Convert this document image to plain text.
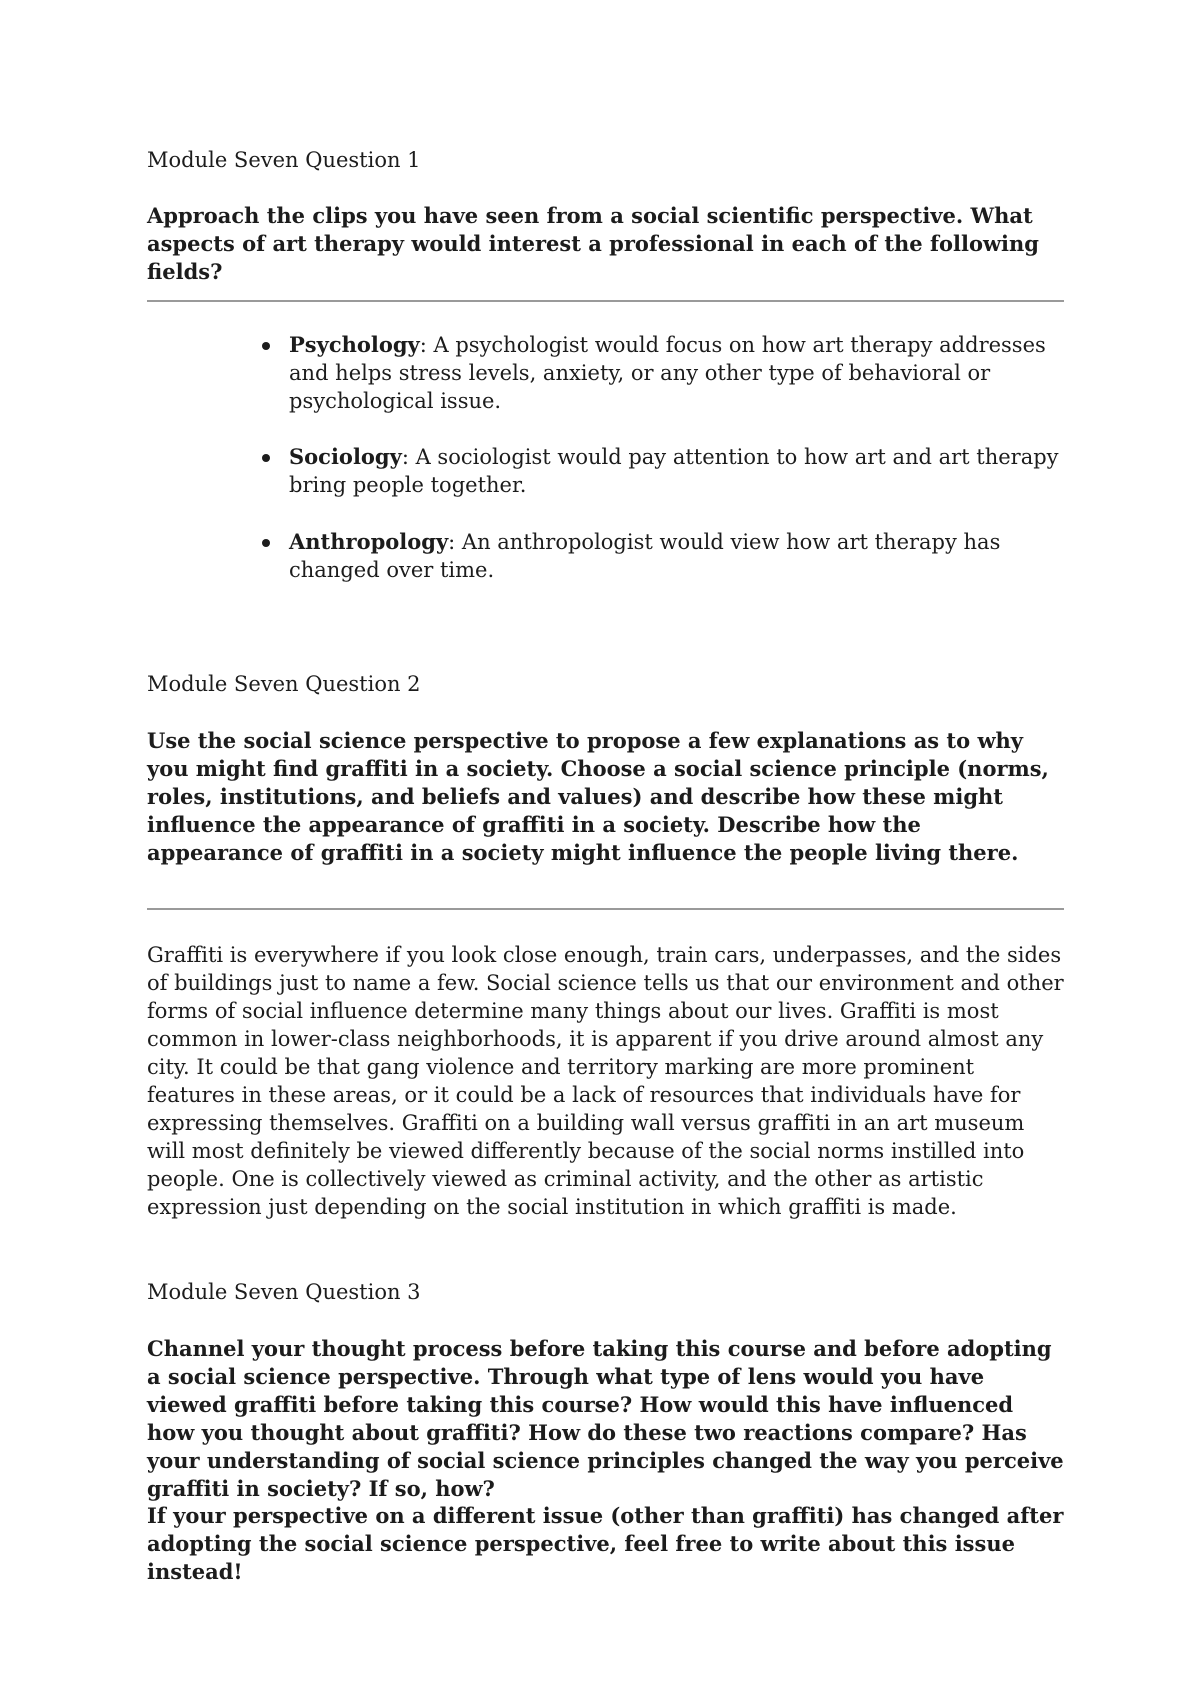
Module Seven Question 1

Approach the clips you have seen from a social scientific perspective. What aspects of art therapy would interest a professional in each of the following fields?

Psychology: A psychologist would focus on how art therapy addresses and helps stress levels, anxiety, or any other type of behavioral or psychological issue.
Sociology: A sociologist would pay attention to how art and art therapy bring people together.
Anthropology: An anthropologist would view how art therapy has changed over time.
Module Seven Question 2

Use the social science perspective to propose a few explanations as to why you might find graffiti in a society. Choose a social science principle (norms, roles, institutions, and beliefs and values) and describe how these might influence the appearance of graffiti in a society. Describe how the appearance of graffiti in a society might influence the people living there.

Graffiti is everywhere if you look close enough, train cars, underpasses, and the sides of buildings just to name a few. Social science tells us that our environment and other forms of social influence determine many things about our lives. Graffiti is most common in lower-class neighborhoods, it is apparent if you drive around almost any city. It could be that gang violence and territory marking are more prominent features in these areas, or it could be a lack of resources that individuals have for expressing themselves. Graffiti on a building wall versus graffiti in an art museum will most definitely be viewed differently because of the social norms instilled into people. One is collectively viewed as criminal activity, and the other as artistic expression just depending on the social institution in which graffiti is made.

Module Seven Question 3

Channel your thought process before taking this course and before adopting a social science perspective. Through what type of lens would you have viewed graffiti before taking this course? How would this have influenced how you thought about graffiti? How do these two reactions compare? Has your understanding of social science principles changed the way you perceive graffiti in society? If so, how?

If your perspective on a different issue (other than graffiti) has changed after adopting the social science perspective, feel free to write about this issue instead!
